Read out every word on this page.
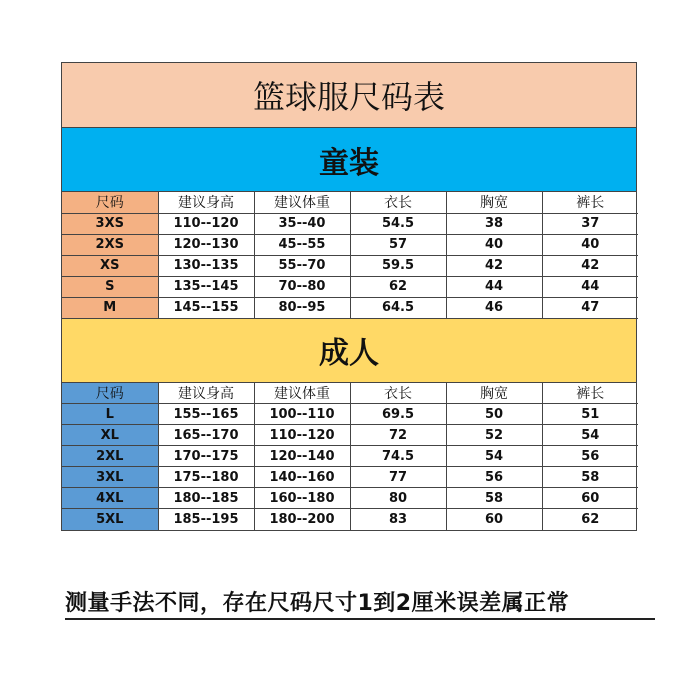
篮球服尺码表
童装
尺码	建议身高	建议体重	衣长	胸宽	裤长
3XS	110--120	35--40	54.5	38	37
2XS	120--130	45--55	57	40	40
XS	130--135	55--70	59.5	42	42
S	135--145	70--80	62	44	44
M	145--155	80--95	64.5	46	47
成人
尺码	建议身高	建议体重	衣长	胸宽	裤长
L	155--165	100--110	69.5	50	51
XL	165--170	110--120	72	52	54
2XL	170--175	120--140	74.5	54	56
3XL	175--180	140--160	77	56	58
4XL	180--185	160--180	80	58	60
5XL	185--195	180--200	83	60	62
测量手法不同，存在尺码尺寸1到2厘米误差属正常
